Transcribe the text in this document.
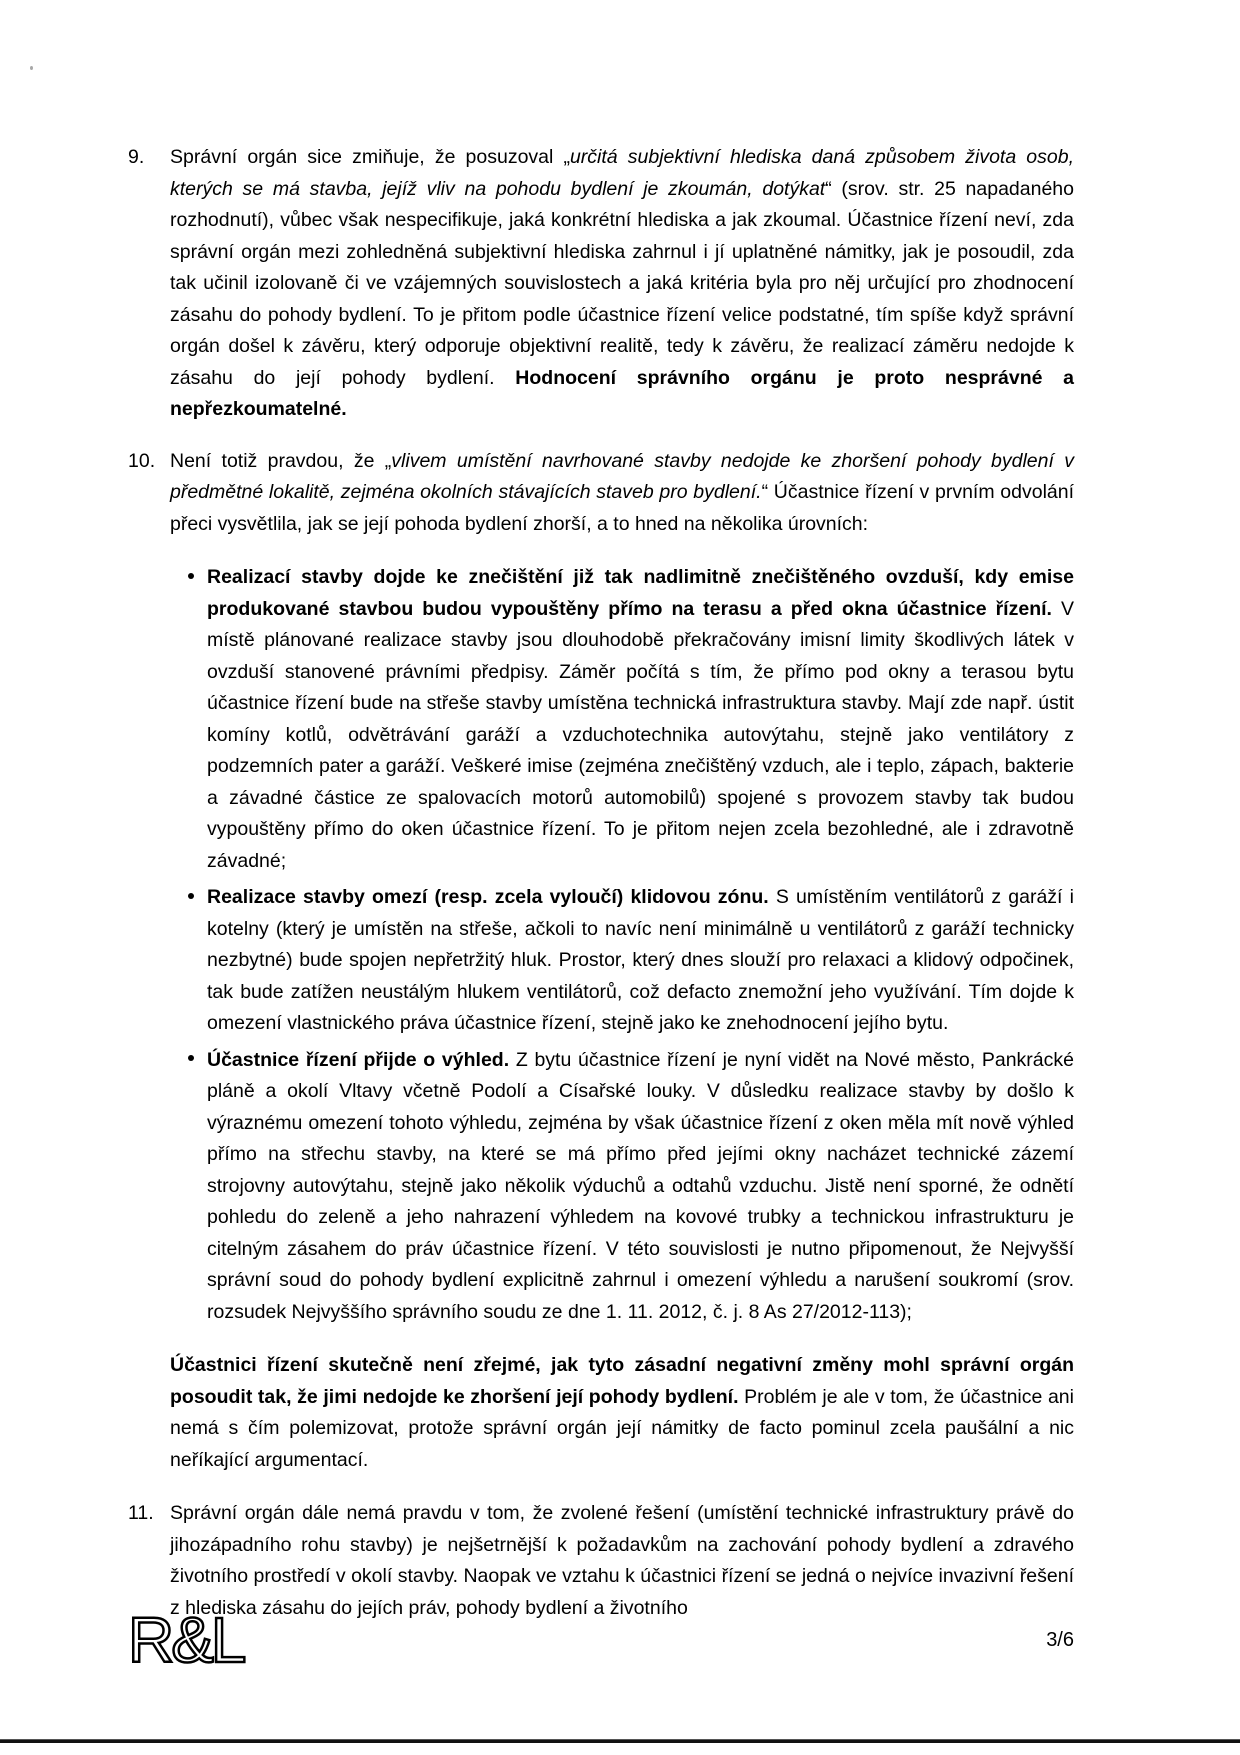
9.	Správní orgán sice zmiňuje, že posuzoval „určitá subjektivní hlediska daná způsobem života osob, kterých se má stavba, jejíž vliv na pohodu bydlení je zkoumán, dotýkat“ (srov. str. 25 napadaného rozhodnutí), vůbec však nespecifikuje, jaká konkrétní hlediska a jak zkoumal. Účastnice řízení neví, zda správní orgán mezi zohledněná subjektivní hlediska zahrnul i jí uplatněné námitky, jak je posoudil, zda tak učinil izolovaně či ve vzájemných souvislostech a jaká kritéria byla pro něj určující pro zhodnocení zásahu do pohody bydlení. To je přitom podle účastnice řízení velice podstatné, tím spíše když správní orgán došel k závěru, který odporuje objektivní realitě, tedy k závěru, že realizací záměru nedojde k zásahu do její pohody bydlení. Hodnocení správního orgánu je proto nesprávné a nepřezkoumatelné.
10. Není totiž pravdou, že „vlivem umístění navrhované stavby nedojde ke zhoršení pohody bydlení v předmětné lokalitě, zejména okolních stávajících staveb pro bydlení.“ Účastnice řízení v prvním odvolání přeci vysvětlila, jak se její pohoda bydlení zhorší, a to hned na několika úrovních:
Realizací stavby dojde ke znečištění již tak nadlimitně znečištěného ovzduší, kdy emise produkované stavbou budou vypouštěny přímo na terasu a před okna účastnice řízení. V místě plánované realizace stavby jsou dlouhodobě překračovány imisní limity škodlivých látek v ovzduší stanovené právními předpisy. Záměr počítá s tím, že přímo pod okny a terasou bytu účastnice řízení bude na střeše stavby umístěna technická infrastruktura stavby. Mají zde např. ústit komíny kotlů, odvětrávání garáží a vzduchotechnika autovýtahu, stejně jako ventilátory z podzemních pater a garáží. Veškeré imise (zejména znečištěný vzduch, ale i teplo, zápach, bakterie a závadné částice ze spalovacích motorů automobilů) spojené s provozem stavby tak budou vypouštěny přímo do oken účastnice řízení. To je přitom nejen zcela bezohledné, ale i zdravotně závadné;
Realizace stavby omezí (resp. zcela vyloučí) klidovou zónu. S umístěním ventilátorů z garáží i kotelny (který je umístěn na střeše, ačkoli to navíc není minimálně u ventilátorů z garáží technicky nezbytné) bude spojen nepřetržitý hluk. Prostor, který dnes slouží pro relaxaci a klidový odpočinek, tak bude zatížen neustálým hlukem ventilátorů, což defacto znemožní jeho využívání. Tím dojde k omezení vlastnického práva účastnice řízení, stejně jako ke znehodnocení jejího bytu.
Účastnice řízení přijde o výhled. Z bytu účastnice řízení je nyní vidět na Nové město, Pankrácké pláně a okolí Vltavy včetně Podolí a Císařské louky. V důsledku realizace stavby by došlo k výraznému omezení tohoto výhledu, zejména by však účastnice řízení z oken měla mít nově výhled přímo na střechu stavby, na které se má přímo před jejími okny nacházet technické zázemí strojovny autovýtahu, stejně jako několik výduchů a odtahů vzduchu. Jistě není sporné, že odnětí pohledu do zeleně a jeho nahrazení výhledem na kovové trubky a technickou infrastrukturu je citelným zásahem do práv účastnice řízení. V této souvislosti je nutno připomenout, že Nejvyšší správní soud do pohody bydlení explicitně zahrnul i omezení výhledu a narušení soukromí (srov. rozsudek Nejvyššího správního soudu ze dne 1. 11. 2012, č. j. 8 As 27/2012-113);
Účastnici řízení skutečně není zřejmé, jak tyto zásadní negativní změny mohl správní orgán posoudit tak, že jimi nedojde ke zhoršení její pohody bydlení. Problém je ale v tom, že účastnice ani nemá s čím polemizovat, protože správní orgán její námitky de facto pominul zcela paušální a nic neříkající argumentací.
11. Správní orgán dále nemá pravdu v tom, že zvolené řešení (umístění technické infrastruktury právě do jihozápadního rohu stavby) je nejšetrnější k požadavkům na zachování pohody bydlení a zdravého životního prostředí v okolí stavby. Naopak ve vztahu k účastnici řízení se jedná o nejvíce invazivní řešení z hlediska zásahu do jejích práv, pohody bydlení a životního
R&L	3/6
